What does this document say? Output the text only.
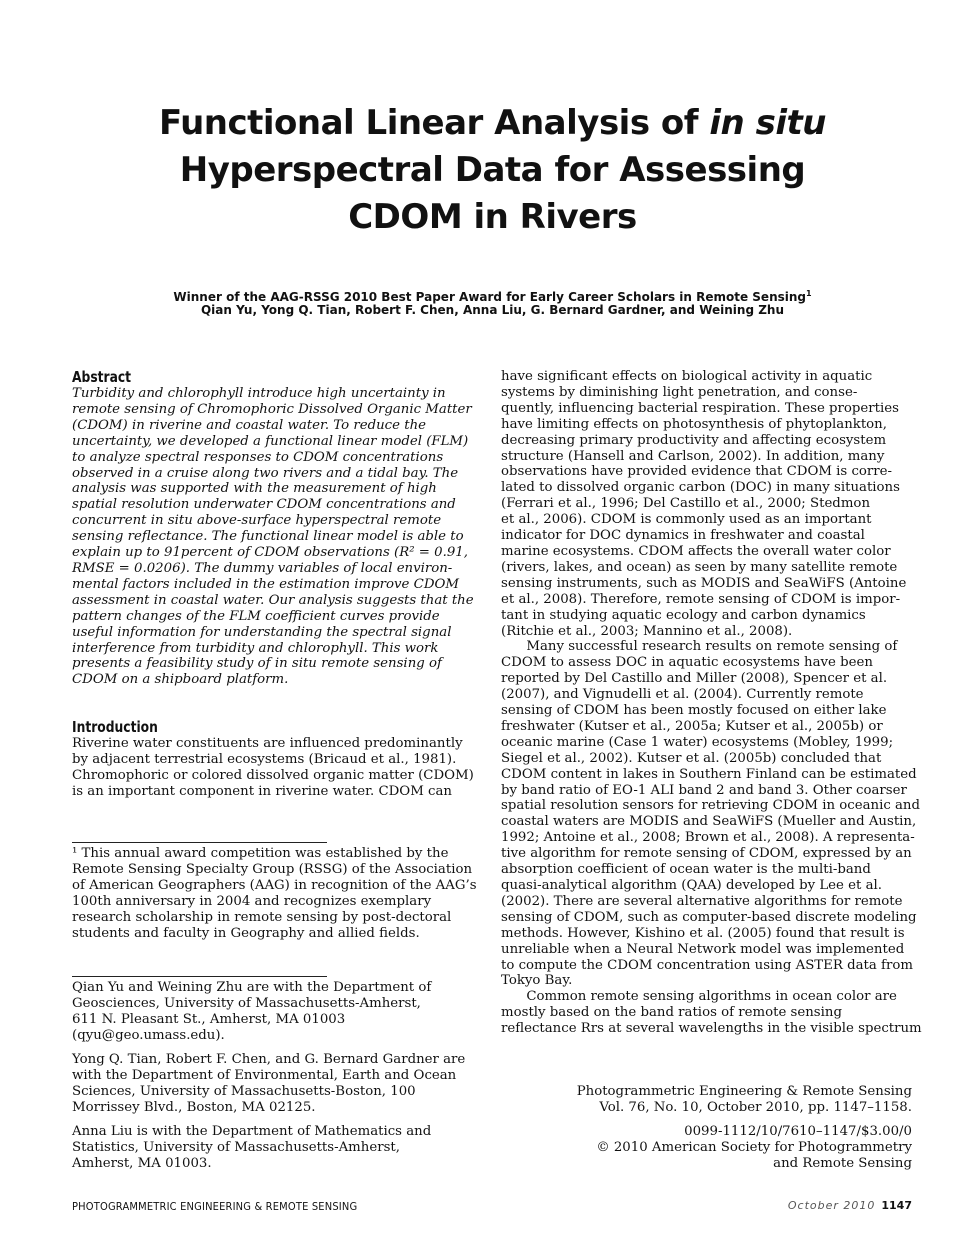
Functional Linear Analysis of in situ
Hyperspectral Data for Assessing
CDOM in Rivers
Winner of the AAG-RSSG 2010 Best Paper Award for Early Career Scholars in Remote Sensing$^1$
Qian Yu, Yong Q. Tian, Robert F. Chen, Anna Liu, G. Bernard Gardner, and Weining Zhu
Abstract
Turbidity and chlorophyll introduce high uncertainty in
remote sensing of Chromophoric Dissolved Organic Matter
(CDOM) in riverine and coastal water. To reduce the
uncertainty, we developed a functional linear model (FLM)
to analyze spectral responses to CDOM concentrations
observed in a cruise along two rivers and a tidal bay. The
analysis was supported with the measurement of high
spatial resolution underwater CDOM concentrations and
concurrent in situ above-surface hyperspectral remote
sensing reflectance. The functional linear model is able to
explain up to 91percent of CDOM observations (R² = 0.91,
RMSE = 0.0206). The dummy variables of local environ-
mental factors included in the estimation improve CDOM
assessment in coastal water. Our analysis suggests that the
pattern changes of the FLM coefficient curves provide
useful information for understanding the spectral signal
interference from turbidity and chlorophyll. This work
presents a feasibility study of in situ remote sensing of
CDOM on a shipboard platform.
Introduction
Riverine water constituents are influenced predominantly
by adjacent terrestrial ecosystems (Bricaud et al., 1981).
Chromophoric or colored dissolved organic matter (CDOM)
is an important component in riverine water. CDOM can
¹ This annual award competition was established by the
Remote Sensing Specialty Group (RSSG) of the Association
of American Geographers (AAG) in recognition of the AAG’s
100th anniversary in 2004 and recognizes exemplary
research scholarship in remote sensing by post-dectoral
students and faculty in Geography and allied fields.
Qian Yu and Weining Zhu are with the Department of
Geosciences, University of Massachusetts-Amherst,
611 N. Pleasant St., Amherst, MA 01003
(qyu@geo.umass.edu).
Yong Q. Tian, Robert F. Chen, and G. Bernard Gardner are
with the Department of Environmental, Earth and Ocean
Sciences, University of Massachusetts-Boston, 100
Morrissey Blvd., Boston, MA 02125.
Anna Liu is with the Department of Mathematics and
Statistics, University of Massachusetts-Amherst,
Amherst, MA 01003.
have significant effects on biological activity in aquatic
systems by diminishing light penetration, and conse-
quently, influencing bacterial respiration. These properties
have limiting effects on photosynthesis of phytoplankton,
decreasing primary productivity and affecting ecosystem
structure (Hansell and Carlson, 2002). In addition, many
observations have provided evidence that CDOM is corre-
lated to dissolved organic carbon (DOC) in many situations
(Ferrari et al., 1996; Del Castillo et al., 2000; Stedmon
et al., 2006). CDOM is commonly used as an important
indicator for DOC dynamics in freshwater and coastal
marine ecosystems. CDOM affects the overall water color
(rivers, lakes, and ocean) as seen by many satellite remote
sensing instruments, such as MODIS and SeaWiFS (Antoine
et al., 2008). Therefore, remote sensing of CDOM is impor-
tant in studying aquatic ecology and carbon dynamics
(Ritchie et al., 2003; Mannino et al., 2008).
Many successful research results on remote sensing of
CDOM to assess DOC in aquatic ecosystems have been
reported by Del Castillo and Miller (2008), Spencer et al.
(2007), and Vignudelli et al. (2004). Currently remote
sensing of CDOM has been mostly focused on either lake
freshwater (Kutser et al., 2005a; Kutser et al., 2005b) or
oceanic marine (Case 1 water) ecosystems (Mobley, 1999;
Siegel et al., 2002). Kutser et al. (2005b) concluded that
CDOM content in lakes in Southern Finland can be estimated
by band ratio of EO-1 ALI band 2 and band 3. Other coarser
spatial resolution sensors for retrieving CDOM in oceanic and
coastal waters are MODIS and SeaWiFS (Mueller and Austin,
1992; Antoine et al., 2008; Brown et al., 2008). A representa-
tive algorithm for remote sensing of CDOM, expressed by an
absorption coefficient of ocean water is the multi-band
quasi-analytical algorithm (QAA) developed by Lee et al.
(2002). There are several alternative algorithms for remote
sensing of CDOM, such as computer-based discrete modeling
methods. However, Kishino et al. (2005) found that result is
unreliable when a Neural Network model was implemented
to compute the CDOM concentration using ASTER data from
Tokyo Bay.
Common remote sensing algorithms in ocean color are
mostly based on the band ratios of remote sensing
reflectance Rrs at several wavelengths in the visible spectrum
Photogrammetric Engineering & Remote Sensing
Vol. 76, No. 10, October 2010, pp. 1147–1158.
0099-1112/10/7610–1147/$3.00/0
© 2010 American Society for Photogrammetry
and Remote Sensing
PHOTOGRAMMETRIC ENGINEERING & REMOTE SENSING	October 2010 1147
